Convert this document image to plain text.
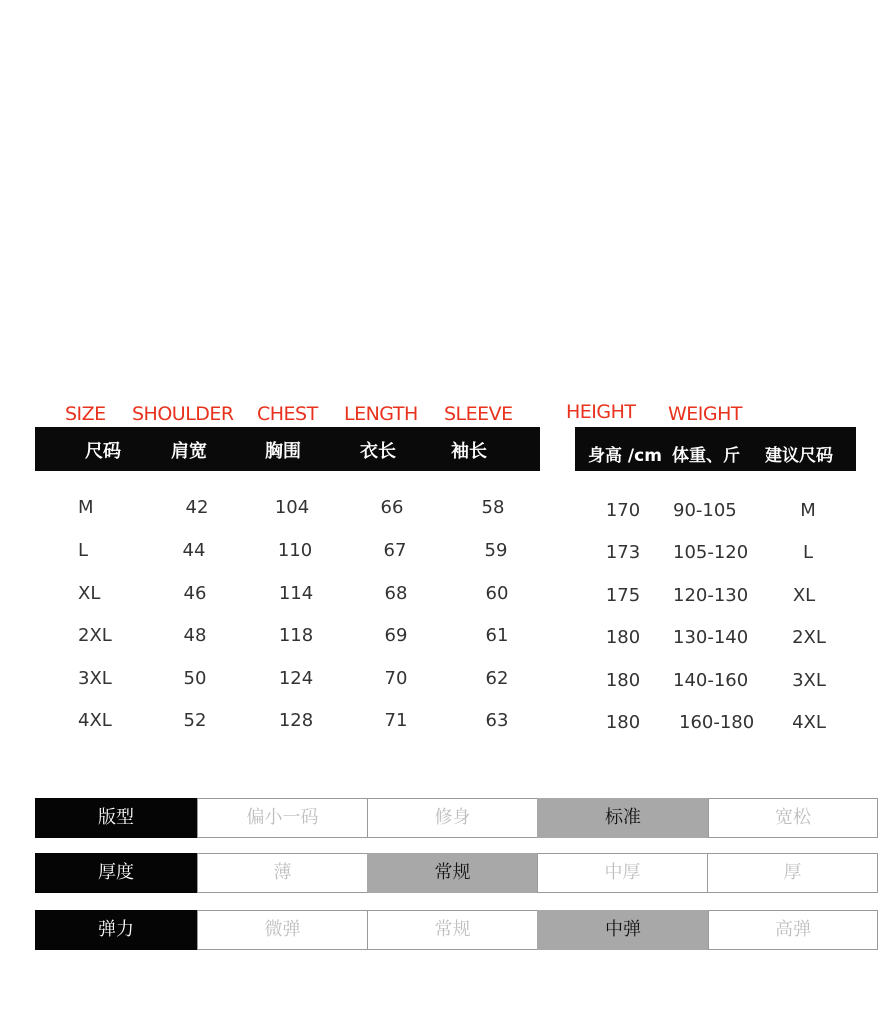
SIZE SHOULDER CHEST LENGTH SLEEVE
尺码	肩宽	胸围	衣长	袖长
M	42	104	66	58
L	44	110	67	59
XL	46	114	68	60
2XL	48	118	69	61
3XL	50	124	70	62
4XL	52	128	71	63
HEIGHT WEIGHT
身高 /cm 体重、斤 建议尺码
170	90-105	M
173	105-120	L
175	120-130	XL
180	130-140	2XL
180	140-160	3XL
180	160-180	4XL
版型	偏小一码	修身	标准	宽松
厚度	薄	常规	中厚	厚
弹力	微弹	常规	中弹	高弹
